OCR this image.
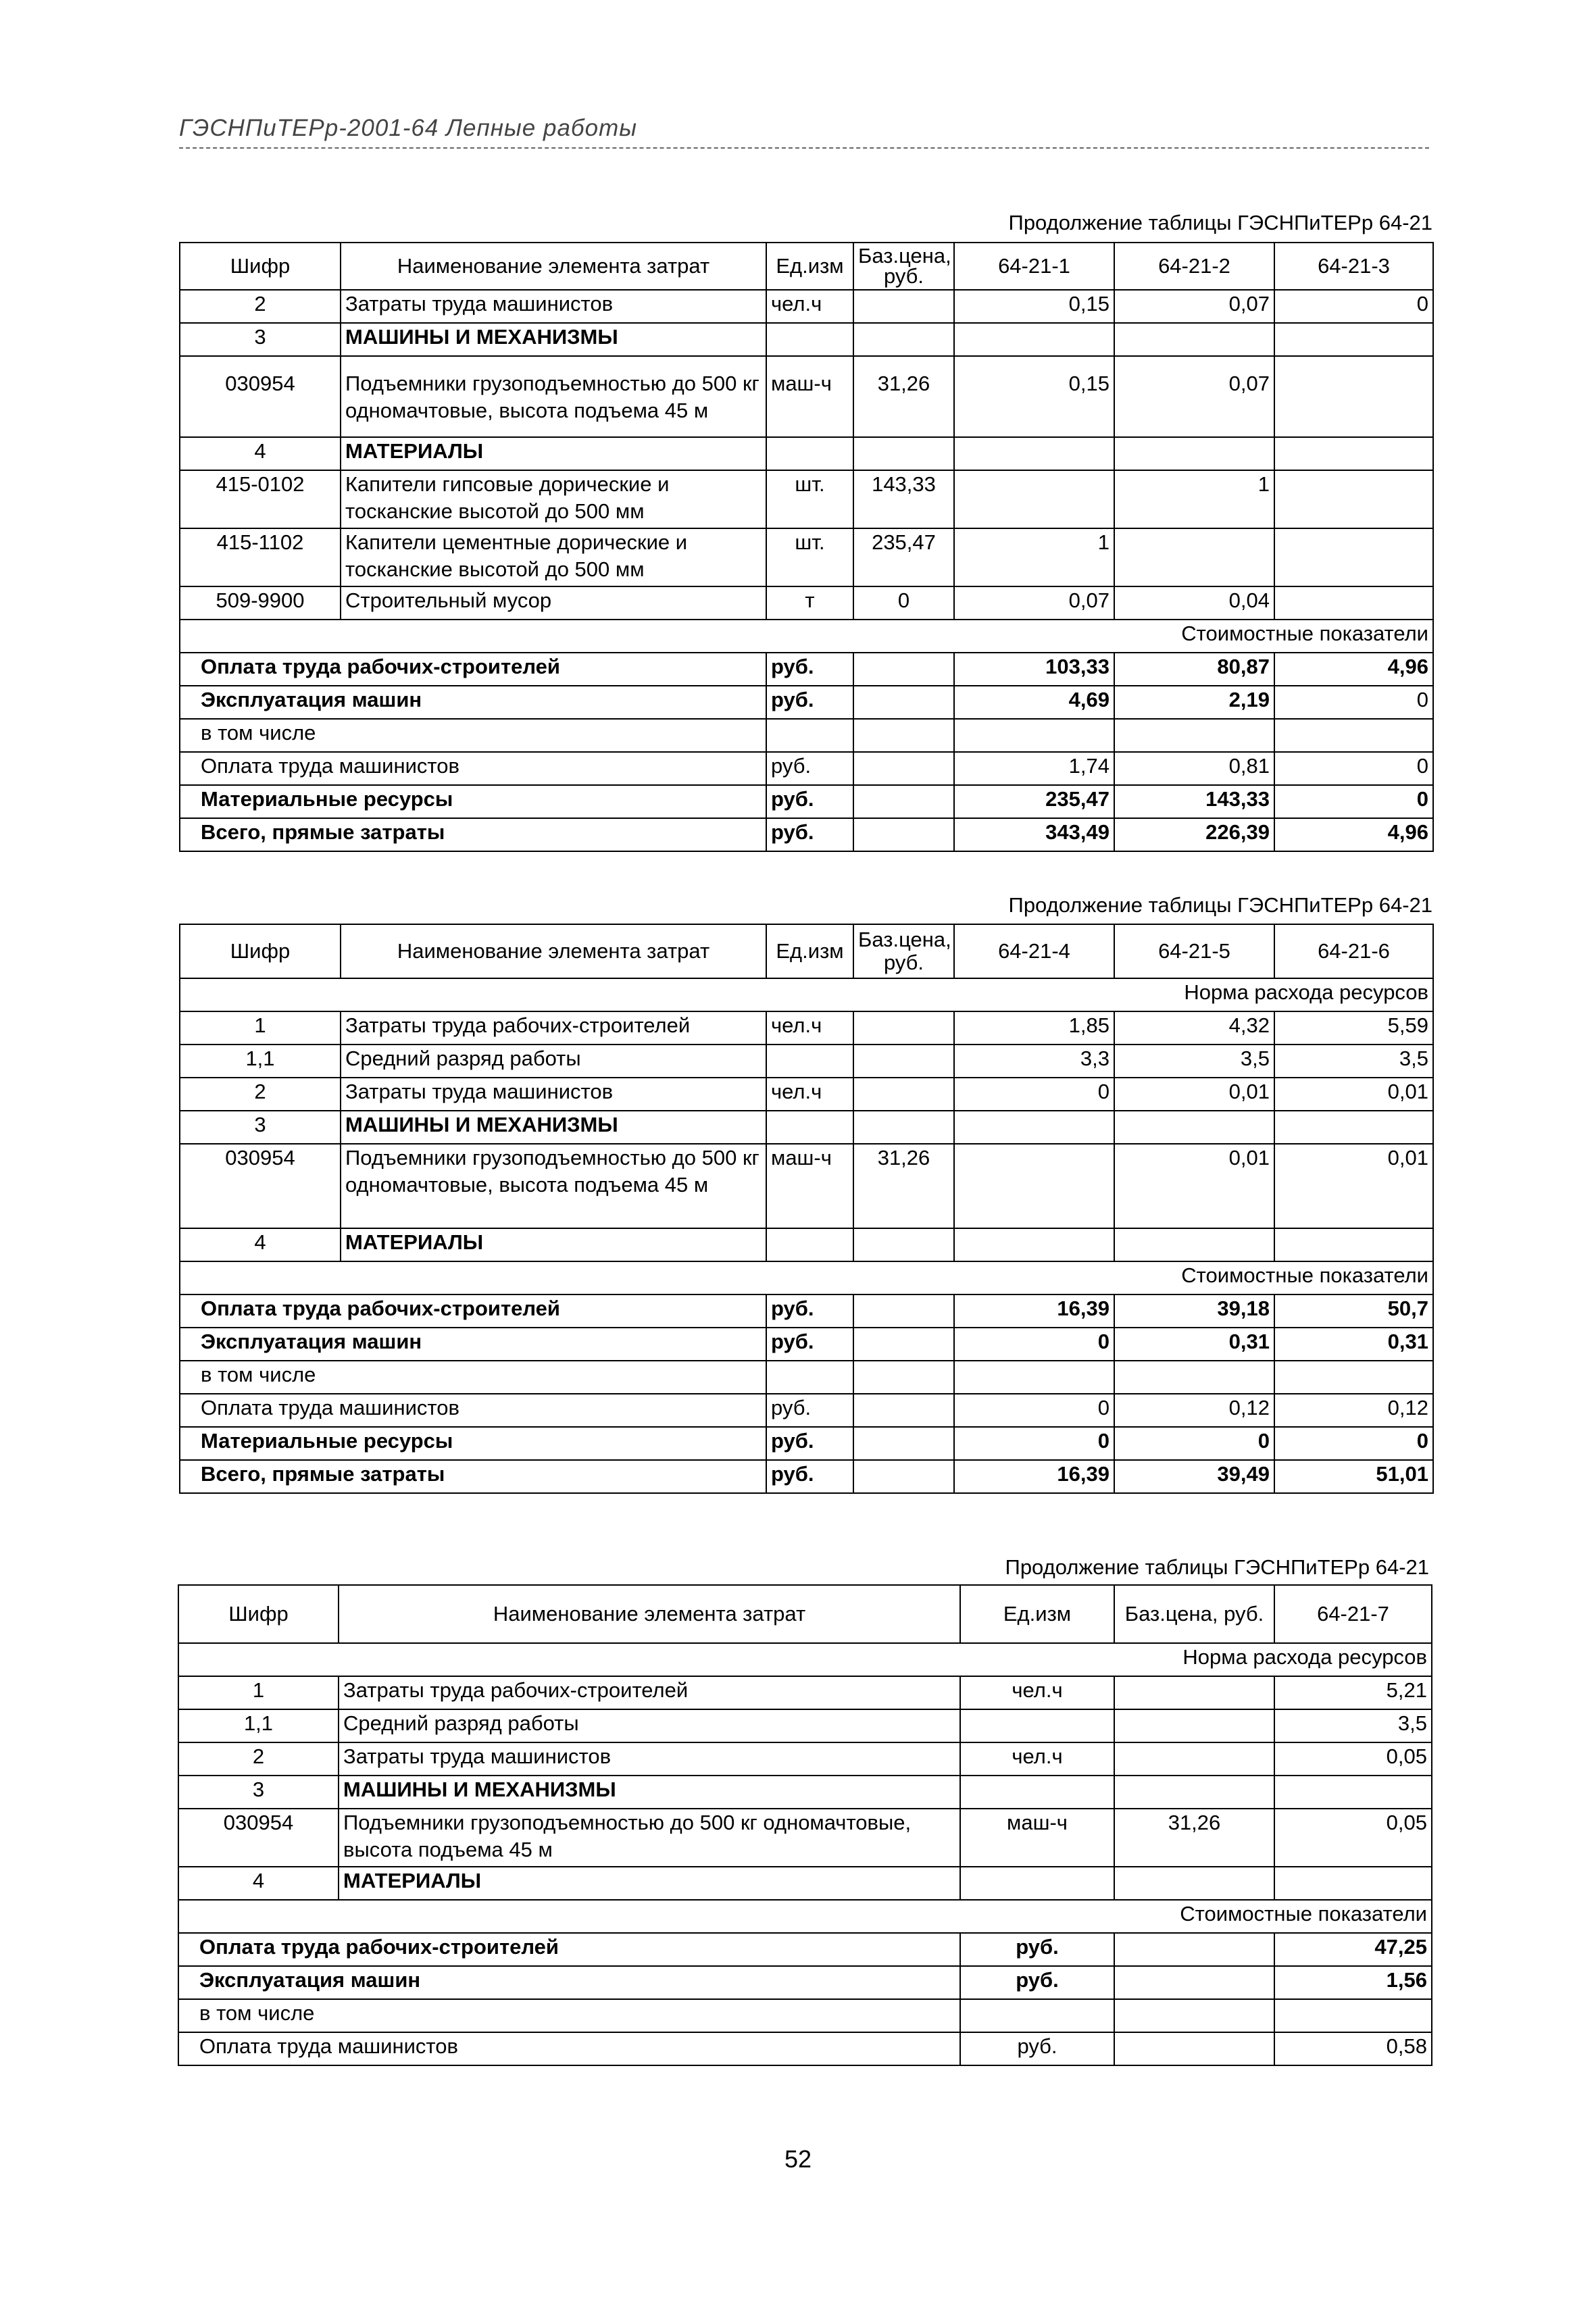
ГЭСНПиТЕРр-2001-64 Лепные работы
Продолжение таблицы ГЭСНПиТЕРр 64-21
Шифр	Наименование элемента затрат	Ед.изм	Баз.цена, руб.	64-21-1	64-21-2	64-21-3
2	Затраты труда машинистов	чел.ч		0,15	0,07	0
3	МАШИНЫ И МЕХАНИЗМЫ					
030954	Подъемники грузоподъемностью до 500 кг одномачтовые, высота подъема 45 м	маш-ч	31,26	0,15	0,07	
4	МАТЕРИАЛЫ					
415-0102	Капители гипсовые дорические и тосканские высотой до 500 мм	шт.	143,33		1	
415-1102	Капители цементные дорические и тосканские высотой до 500 мм	шт.	235,47	1		
509-9900	Строительный мусор	т	0	0,07	0,04	
Стоимостные показатели						
Оплата труда рабочих-строителей		руб.		103,33	80,87	4,96
Эксплуатация машин		руб.		4,69	2,19	0
в том числе						
Оплата труда машинистов		руб.		1,74	0,81	0
Материальные ресурсы		руб.		235,47	143,33	0
Всего, прямые затраты		руб.		343,49	226,39	4,96
Продолжение таблицы ГЭСНПиТЕРр 64-21
Шифр	Наименование элемента затрат	Ед.изм	Баз.цена, руб.	64-21-4	64-21-5	64-21-6
Норма расхода ресурсов						
1	Затраты труда рабочих-строителей	чел.ч		1,85	4,32	5,59
1,1	Средний разряд работы			3,3	3,5	3,5
2	Затраты труда машинистов	чел.ч		0	0,01	0,01
3	МАШИНЫ И МЕХАНИЗМЫ					
030954	Подъемники грузоподъемностью до 500 кг одномачтовые, высота подъема 45 м	маш-ч	31,26		0,01	0,01
4	МАТЕРИАЛЫ					
Стоимостные показатели						
Оплата труда рабочих-строителей		руб.		16,39	39,18	50,7
Эксплуатация машин		руб.		0	0,31	0,31
в том числе						
Оплата труда машинистов		руб.		0	0,12	0,12
Материальные ресурсы		руб.		0	0	0
Всего, прямые затраты		руб.		16,39	39,49	51,01
Продолжение таблицы ГЭСНПиТЕРр 64-21
Шифр	Наименование элемента затрат	Ед.изм	Баз.цена, руб.	64-21-7
Норма расхода ресурсов				
1	Затраты труда рабочих-строителей	чел.ч		5,21
1,1	Средний разряд работы			3,5
2	Затраты труда машинистов	чел.ч		0,05
3	МАШИНЫ И МЕХАНИЗМЫ			
030954	Подъемники грузоподъемностью до 500 кг одномачтовые, высота подъема 45 м	маш-ч	31,26	0,05
4	МАТЕРИАЛЫ			
Стоимостные показатели				
Оплата труда рабочих-строителей		руб.		47,25
Эксплуатация машин		руб.		1,56
в том числе				
Оплата труда машинистов		руб.		0,58
52
